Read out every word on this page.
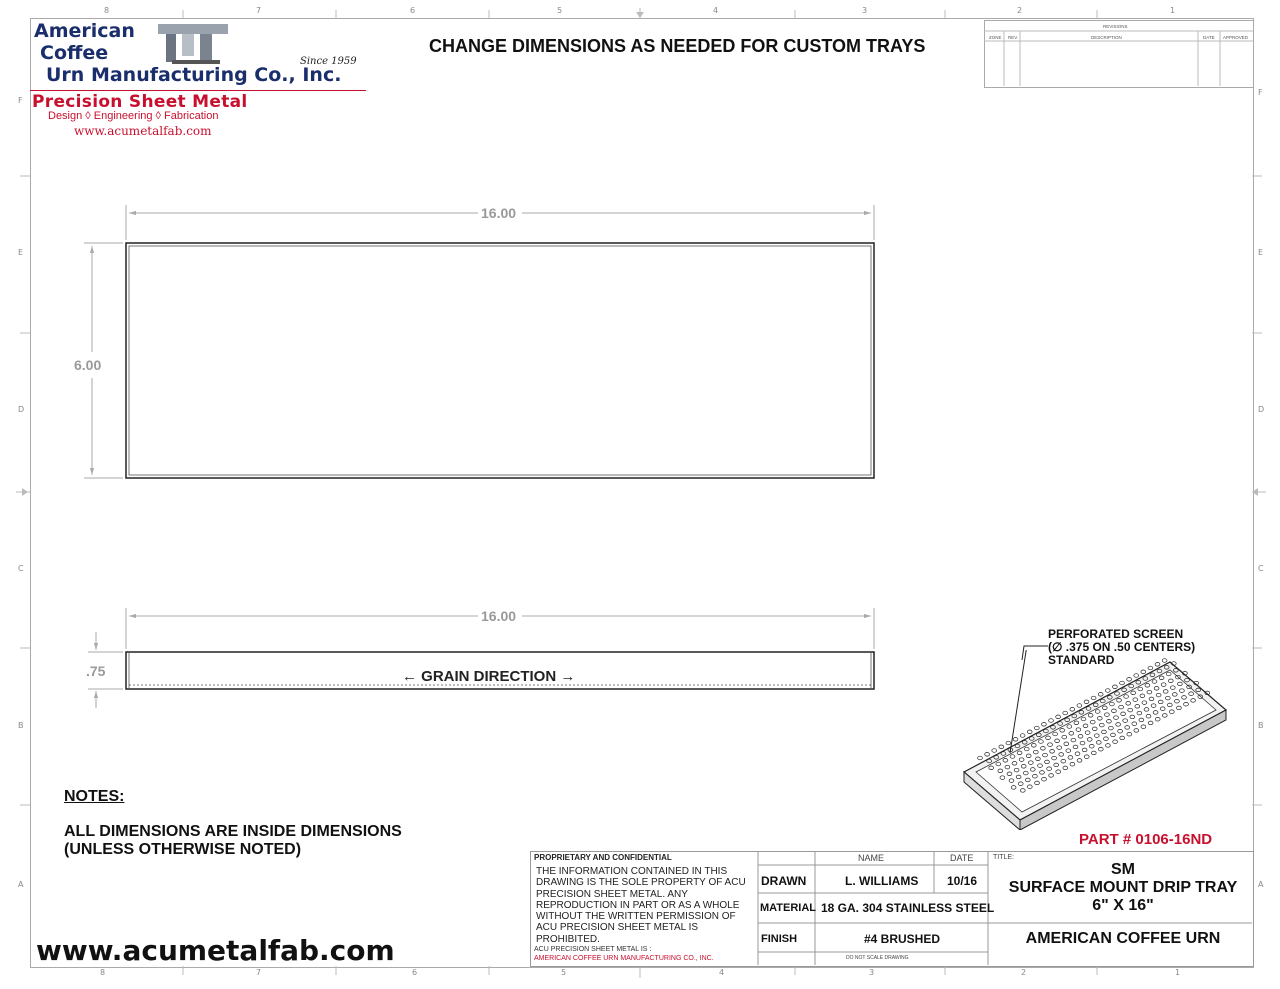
8	7	6	5	4	3	2	1
8	7	6	5	4	3	2	1
F
E
D
C
B
A
F
E
D
C
B
A
American
Coffee
Urn Manufacturing Co., Inc.
Since 1959
Precision Sheet Metal
Design ◊ Engineering ◊ Fabrication
www.acumetalfab.com
CHANGE DIMENSIONS AS NEEDED FOR CUSTOM TRAYS
REVISIONS
ZONE REV.	DESCRIPTION	DATE APPROVED
16.00
6.00
16.00
.75	← GRAIN DIRECTION →
PERFORATED SCREEN
(∅ .375 ON .50 CENTERS)
STANDARD
NOTES:
ALL DIMENSIONS ARE INSIDE DIMENSIONS
(UNLESS OTHERWISE NOTED)
www.acumetalfab.com
PART # 0106-16ND
PROPRIETARY AND CONFIDENTIAL
THE INFORMATION CONTAINED IN THIS DRAWING IS THE SOLE PROPERTY OF ACU PRECISION SHEET METAL. ANY REPRODUCTION IN PART OR AS A WHOLE WITHOUT THE WRITTEN PERMISSION OF ACU PRECISION SHEET METAL IS PROHIBITED.
ACU PRECISION SHEET METAL IS :
AMERICAN COFFEE URN MANUFACTURING CO., INC.
NAME	DATE
DRAWN	L. WILLIAMS 10/16
MATERIAL 18 GA. 304 STAINLESS STEEL
FINISH	#4 BRUSHED
DO NOT SCALE DRAWING
TITLE:
SM
SURFACE MOUNT DRIP TRAY
6" X 16"
AMERICAN COFFEE URN
